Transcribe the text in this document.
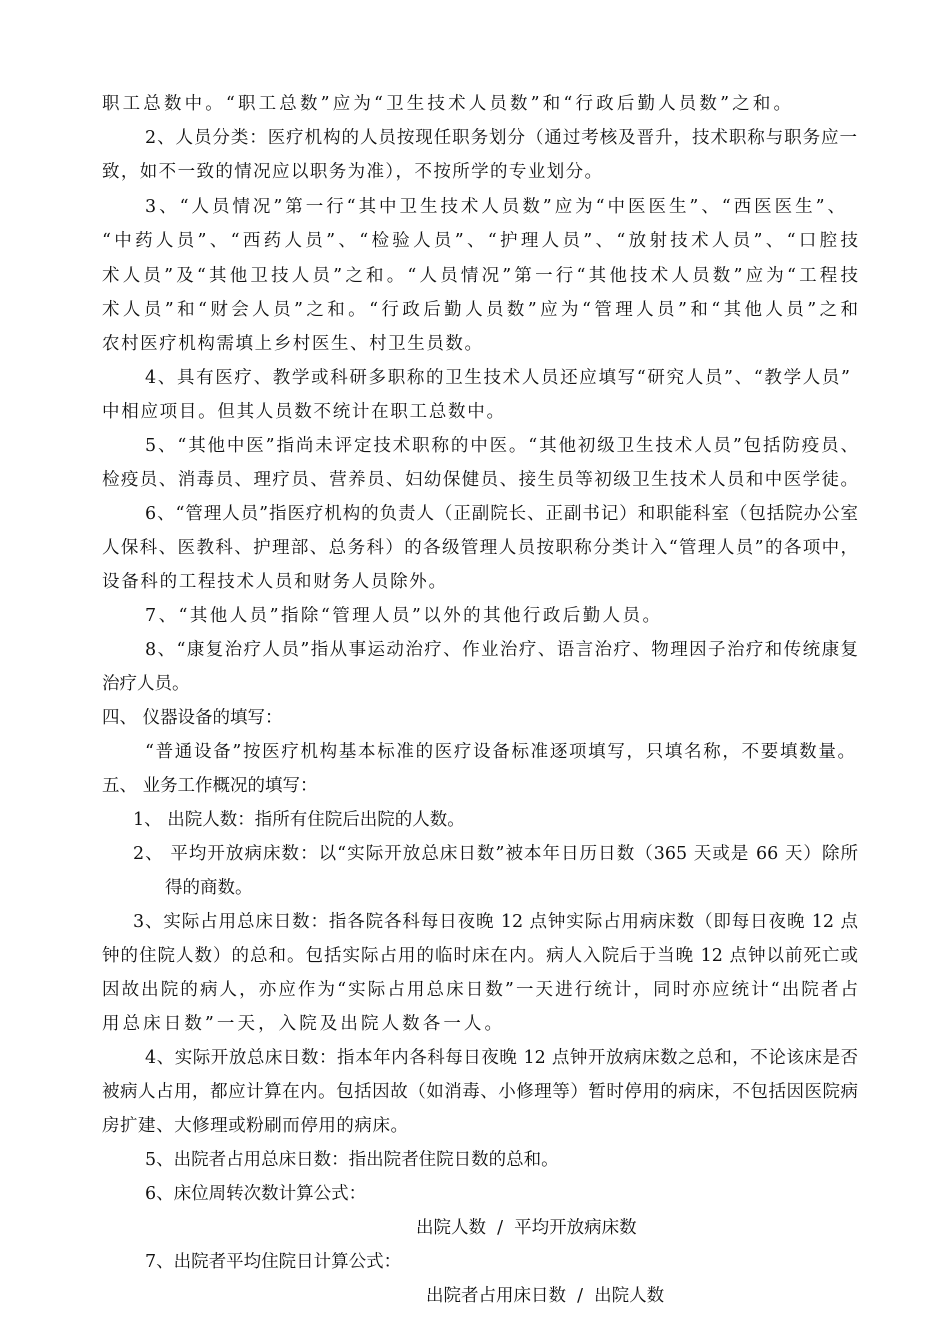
职工总数中。“职工总数”应为“卫生技术人员数”和“行政后勤人员数”之和。
2、人员分类：医疗机构的人员按现任职务划分（通过考核及晋升，技术职称与职务应一
致，如不一致的情况应以职务为准），不按所学的专业划分。
3、“人员情况”第一行“其中卫生技术人员数”应为“中医医生”、“西医医生”、
“中药人员”、“西药人员”、“检验人员”、“护理人员”、“放射技术人员”、“口腔技
术人员”及“其他卫技人员”之和。“人员情况”第一行“其他技术人员数”应为“工程技
术人员”和“财会人员”之和。“行政后勤人员数”应为“管理人员”和“其他人员”之和
农村医疗机构需填上乡村医生、村卫生员数。
4、具有医疗、教学或科研多职称的卫生技术人员还应填写“研究人员”、“教学人员”
中相应项目。但其人员数不统计在职工总数中。
5、“其他中医”指尚未评定技术职称的中医。“其他初级卫生技术人员”包括防疫员、
检疫员、消毒员、理疗员、营养员、妇幼保健员、接生员等初级卫生技术人员和中医学徒。
6、“管理人员”指医疗机构的负责人（正副院长、正副书记）和职能科室（包括院办公室
人保科、医教科、护理部、总务科）的各级管理人员按职称分类计入“管理人员”的各项中，
设备科的工程技术人员和财务人员除外。
7、“其他人员”指除“管理人员”以外的其他行政后勤人员。
8、“康复治疗人员”指从事运动治疗、作业治疗、语言治疗、物理因子治疗和传统康复
治疗人员。
四、 仪器设备的填写：
“普通设备”按医疗机构基本标准的医疗设备标准逐项填写，只填名称，不要填数量。
五、 业务工作概况的填写：
1、 出院人数：指所有住院后出院的人数。
2、 平均开放病床数：以“实际开放总床日数”被本年日历日数（365 天或是 66 天）除所
得的商数。
3、实际占用总床日数：指各院各科每日夜晚 12 点钟实际占用病床数（即每日夜晚 12 点
钟的住院人数）的总和。包括实际占用的临时床在内。病人入院后于当晚 12 点钟以前死亡或
因故出院的病人，亦应作为“实际占用总床日数”一天进行统计，同时亦应统计“出院者占
用总床日数”一天，入院及出院人数各一人。
4、实际开放总床日数：指本年内各科每日夜晚 12 点钟开放病床数之总和，不论该床是否
被病人占用，都应计算在内。包括因故（如消毒、小修理等）暂时停用的病床，不包括因医院病
房扩建、大修理或粉刷而停用的病床。
5、出院者占用总床日数：指出院者住院日数的总和。
6、床位周转次数计算公式：
出院人数  /  平均开放病床数
7、出院者平均住院日计算公式：
出院者占用床日数  /  出院人数
